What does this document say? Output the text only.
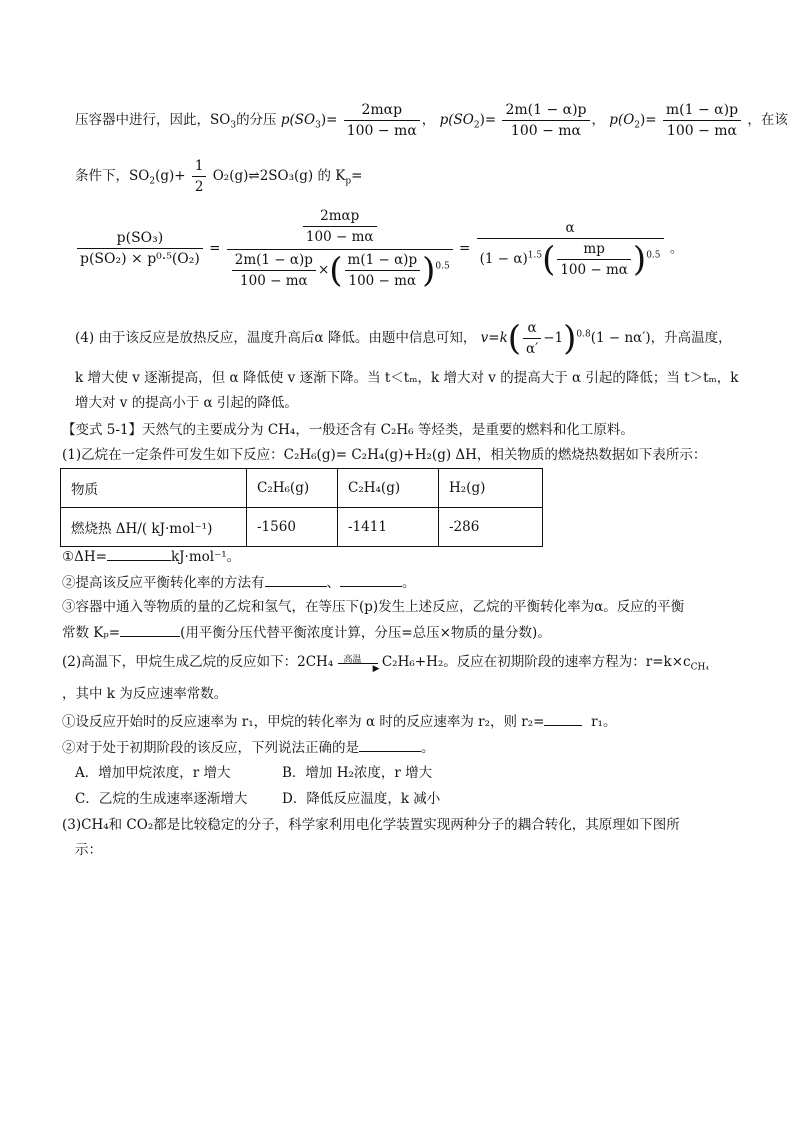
压容器中进行，因此，$SO_3$的分压 $p(SO_3)= \frac{\text{2mαp}}{100 - m\alpha}$ ， $p(SO_2)= \frac{2m(1 - \alpha)p}{100 - m\alpha}$ ， $p(O_2)= \frac{m(1 - \alpha)p}{100 - m\alpha}$ ，在该
条件下，$SO_2(g)+ \frac{1}{2}$ O₂(g)⇌2SO₃(g) 的 $K_p=$
$\frac{\text{p(SO₃)}}{\text{p(SO₂) × p⁰·⁵(O₂)}}$ =
$\frac{\text{2mαp}}{100 - m\alpha}$
$\frac{2m(1 - \alpha)p}{100 - m\alpha}$ ×( $\frac{m(1 - \alpha)p}{100 - m\alpha} )^{0.5}$
= $\frac{\alpha}{(1 - \alpha)^{1.5}( \frac{mp}{100 - m\alpha} )^{0.5}}$ 。
(4) 由于该反应是放热反应，温度升高后α 降低。由题中信息可知， $v=k( \frac{\alpha}{\alpha'} -1)^{0.8}(1 - n\alpha')$，升高温度，
k 增大使 v 逐渐提高，但 α 降低使 v 逐渐下降。当 t＜tₘ，k 增大对 v 的提高大于 α 引起的降低；当 t＞tₘ，k
增大对 v 的提高小于 α 引起的降低。
【变式 5-1】天然气的主要成分为 CH₄，一般还含有 C₂H₆ 等烃类，是重要的燃料和化工原料。
(1)乙烷在一定条件可发生如下反应：C₂H₆(g)= C₂H₄(g)+H₂(g) ΔH，相关物质的燃烧热数据如下表所示：
物质	C₂H₆(g)	C₂H₄(g)	H₂(g)
燃烧热 ΔH/( kJ·mol⁻¹)	-1560	-1411	-286
①ΔH=	kJ·mol⁻¹。
②提高该反应平衡转化率的方法有	、	。
③容器中通入等物质的量的乙烷和氢气，在等压下(p)发生上述反应，乙烷的平衡转化率为α。反应的平衡
常数 Kₚ=	(用平衡分压代替平衡浓度计算，分压=总压×物质的量分数)。
(2)高温下，甲烷生成乙烷的反应如下：2CH₄ 高温
▶ C₂H₆+H₂。反应在初期阶段的速率方程为：$r=k\times c_{CH_4}$
，其中 k 为反应速率常数。
①设反应开始时的反应速率为 r₁，甲烷的转化率为 α 时的反应速率为 r₂，则 r₂=	r₁。
②对于处于初期阶段的该反应，下列说法正确的是	。
A．增加甲烷浓度，r 增大	B．增加 H₂浓度，r 增大
C．乙烷的生成速率逐渐增大	D．降低反应温度，k 减小
(3)CH₄和 CO₂都是比较稳定的分子，科学家利用电化学装置实现两种分子的耦合转化，其原理如下图所
示：
